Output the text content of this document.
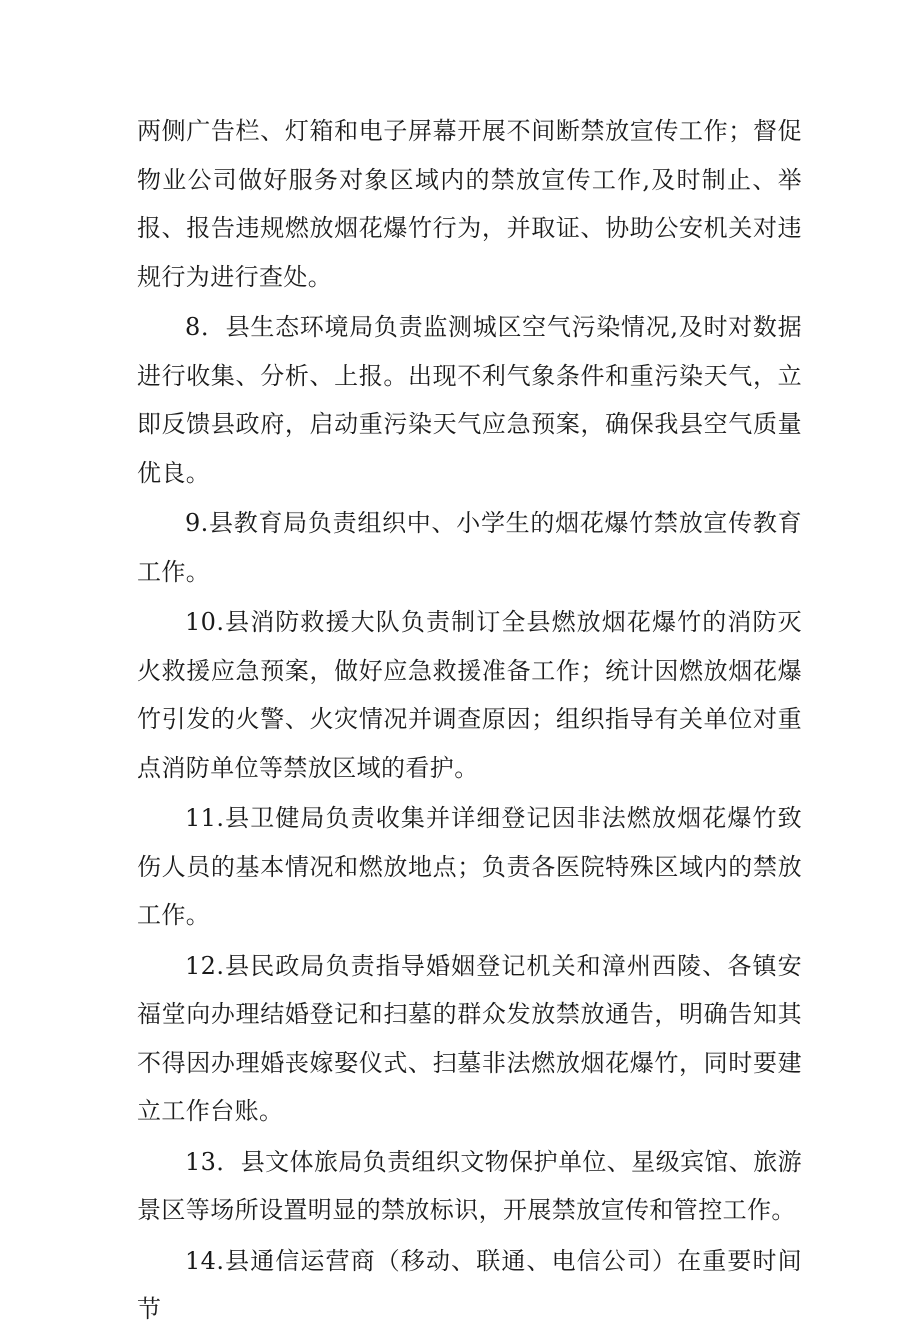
两侧广告栏、灯箱和电子屏幕开展不间断禁放宣传工作；督促物业公司做好服务对象区域内的禁放宣传工作,及时制止、举报、报告违规燃放烟花爆竹行为，并取证、协助公安机关对违规行为进行查处。

8．县生态环境局负责监测城区空气污染情况,及时对数据进行收集、分析、上报。出现不利气象条件和重污染天气，立即反馈县政府，启动重污染天气应急预案，确保我县空气质量优良。

9.县教育局负责组织中、小学生的烟花爆竹禁放宣传教育工作。

10.县消防救援大队负责制订全县燃放烟花爆竹的消防灭火救援应急预案，做好应急救援准备工作；统计因燃放烟花爆竹引发的火警、火灾情况并调查原因；组织指导有关单位对重点消防单位等禁放区域的看护。

11.县卫健局负责收集并详细登记因非法燃放烟花爆竹致伤人员的基本情况和燃放地点；负责各医院特殊区域内的禁放工作。

12.县民政局负责指导婚姻登记机关和漳州西陵、各镇安福堂向办理结婚登记和扫墓的群众发放禁放通告，明确告知其不得因办理婚丧嫁娶仪式、扫墓非法燃放烟花爆竹，同时要建立工作台账。

13．县文体旅局负责组织文物保护单位、星级宾馆、旅游景区等场所设置明显的禁放标识，开展禁放宣传和管控工作。

14.县通信运营商（移动、联通、电信公司）在重要时间节
